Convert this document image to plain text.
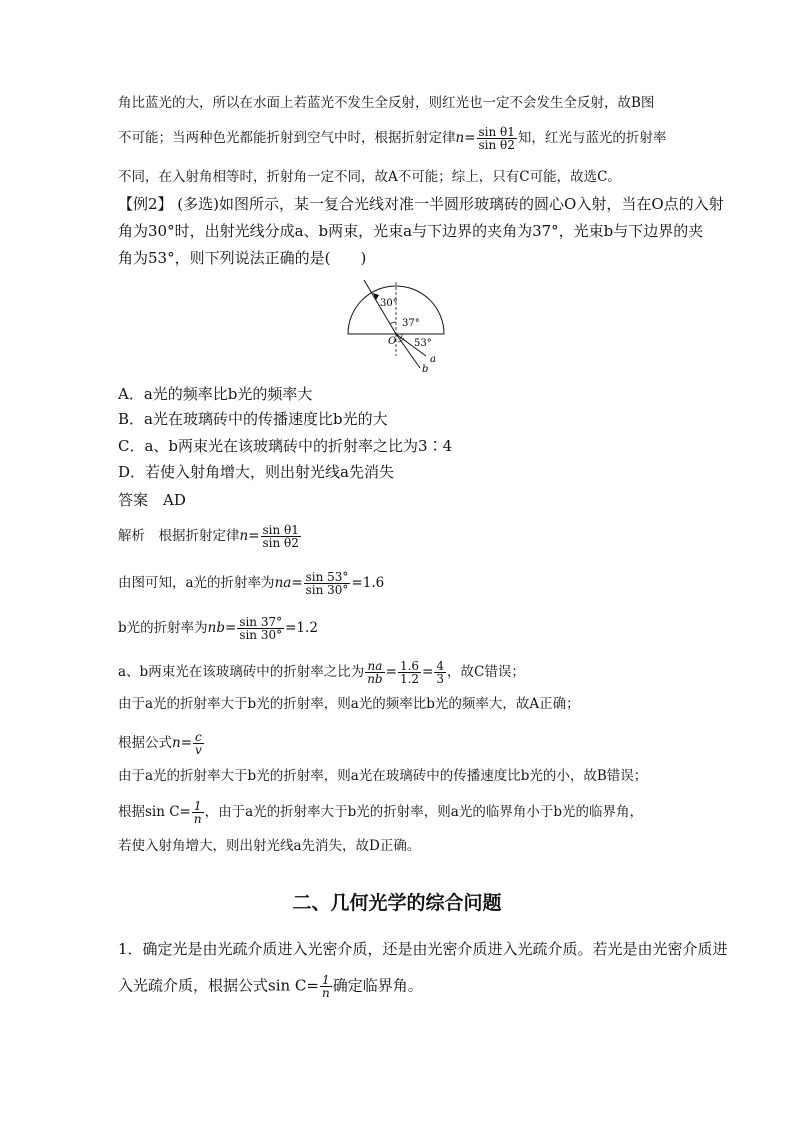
角比蓝光的大，所以在水面上若蓝光不发生全反射，则红光也一定不会发生全反射，故B图
不可能；当两种色光都能折射到空气中时，根据折射定律$n= \frac{\text{sin θ1}}{\text{sin θ2}}$ 知，红光与蓝光的折射率
不同，在入射角相等时，折射角一定不同，故A不可能；综上，只有C可能，故选C。
【例2】 (多选)如图所示，某一复合光线对准一半圆形玻璃砖的圆心O入射，当在O点的入射
角为30°时，出射光线分成a、b两束，光束a与下边界的夹角为37°，光束b与下边界的夹
角为53°，则下列说法正确的是(　　)
30°
37°
53°
O
a
b
A．a光的频率比b光的频率大
B．a光在玻璃砖中的传播速度比b光的大
C．a、b两束光在该玻璃砖中的折射率之比为3∶4
D．若使入射角增大，则出射光线a先消失
答案　 AD
解析　 根据折射定律$n= \frac{\text{sin θ1}}{\text{sin θ2}}$
由图可知，a光的折射率为$na= \frac{\sin 53^\circ}{\sin 30^\circ} =1.6$
b光的折射率为$nb= \frac{\sin 37^\circ}{\sin 30^\circ} =1.2$
a、b两束光在该玻璃砖中的折射率之比为 $\frac{na}{nb} = \frac{1.6}{1.2} = \frac{4}{3}$ ，故C错误；
由于a光的折射率大于b光的折射率，则a光的频率比b光的频率大，故A正确；
根据公式$n= \frac{c}{v}$
由于a光的折射率大于b光的折射率，则a光在玻璃砖中的传播速度比b光的小，故B错误；
根据$\sin C= \frac{1}{n}$ ，由于a光的折射率大于b光的折射率，则a光的临界角小于b光的临界角，
若使入射角增大，则出射光线a先消失，故D正确。
二、几何光学的综合问题
1．确定光是由光疏介质进入光密介质，还是由光密介质进入光疏介质。若光是由光密介质进
入光疏介质，根据公式$\sin C= \frac{1}{n}$ 确定临界角。
